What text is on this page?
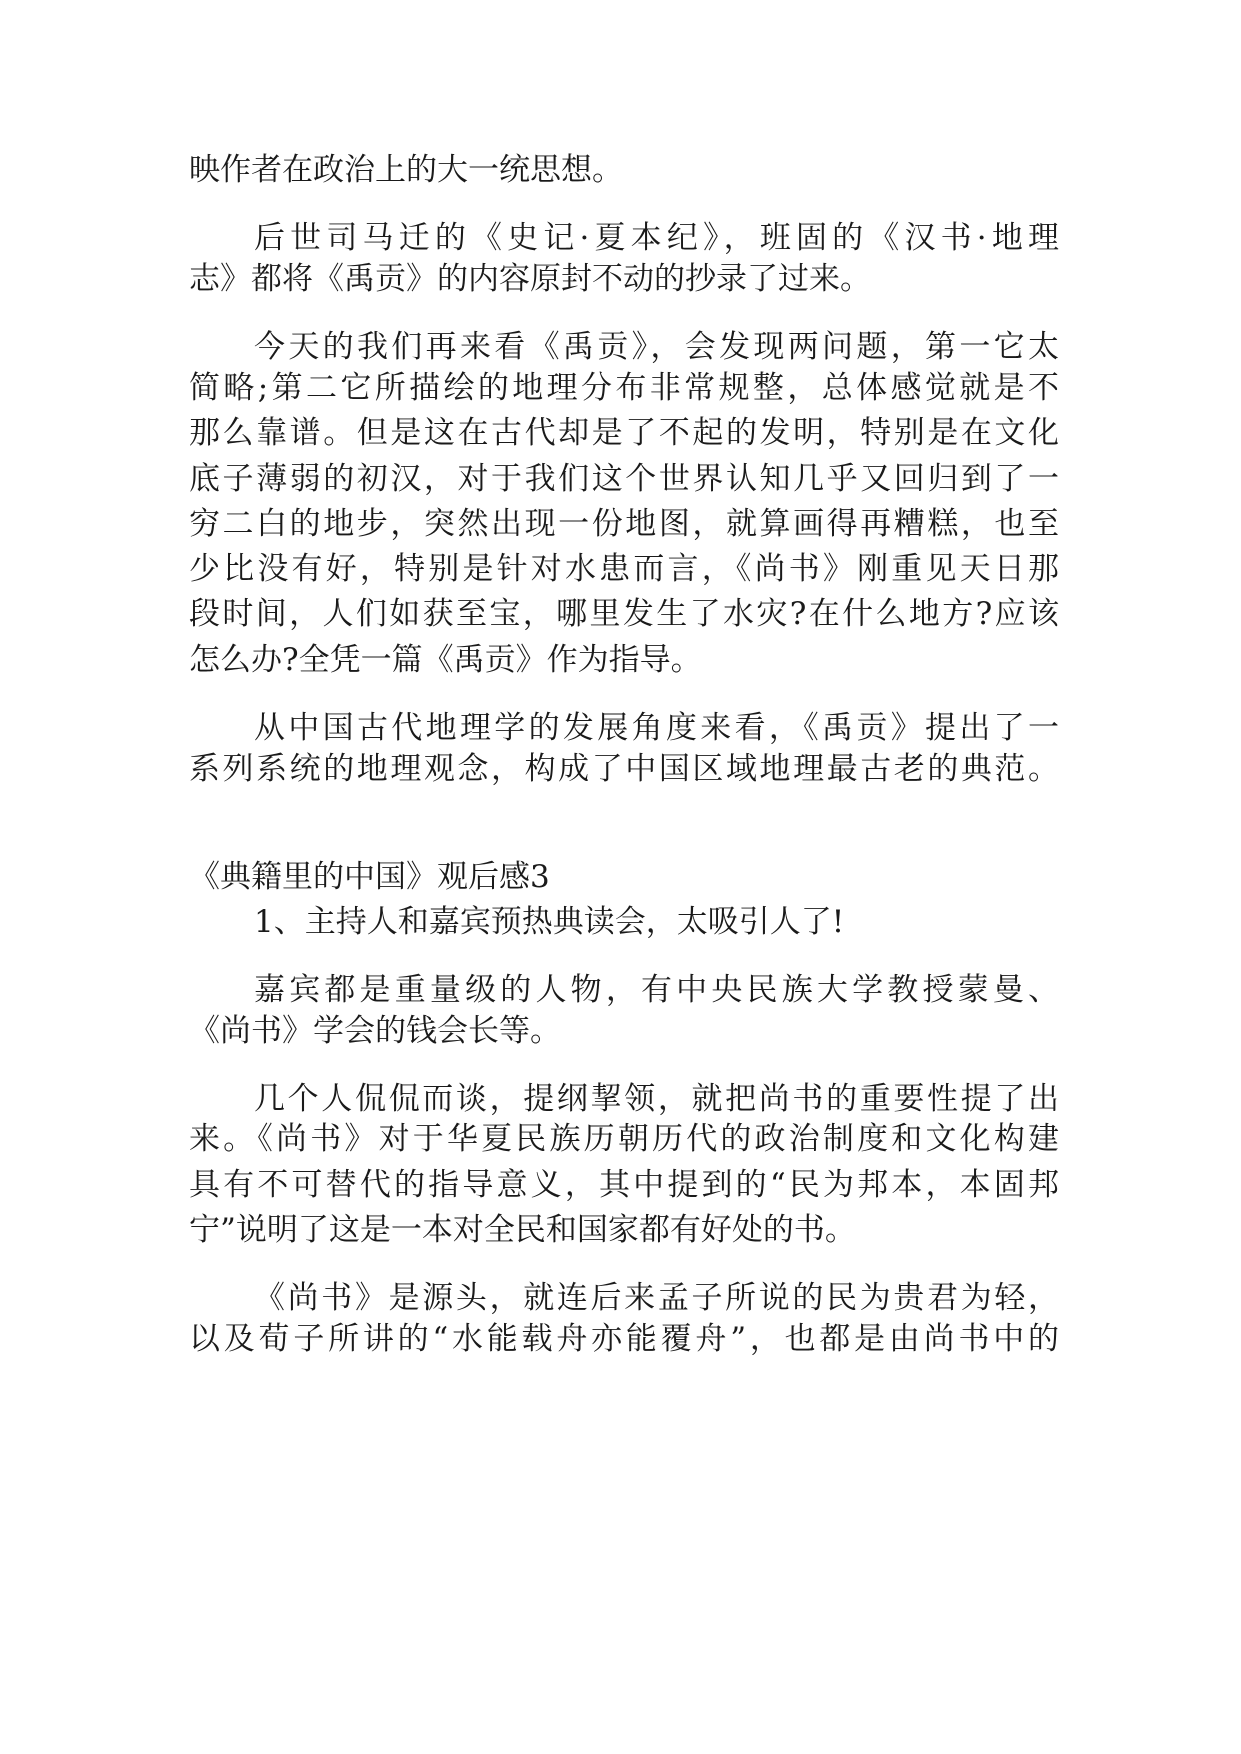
映作者在政治上的大一统思想。
后世司马迁的《史记·夏本纪》，班固的《汉书·地理
志》都将《禹贡》的内容原封不动的抄录了过来。
今天的我们再来看《禹贡》，会发现两问题，第一它太
简略;第二它所描绘的地理分布非常规整，总体感觉就是不
那么靠谱。但是这在古代却是了不起的发明，特别是在文化
底子薄弱的初汉，对于我们这个世界认知几乎又回归到了一
穷二白的地步，突然出现一份地图，就算画得再糟糕，也至
少比没有好，特别是针对水患而言，《尚书》刚重见天日那
段时间，人们如获至宝，哪里发生了水灾?在什么地方?应该
怎么办?全凭一篇《禹贡》作为指导。
从中国古代地理学的发展角度来看，《禹贡》提出了一
系列系统的地理观念，构成了中国区域地理最古老的典范。
《典籍里的中国》观后感3
1、主持人和嘉宾预热典读会，太吸引人了!
嘉宾都是重量级的人物，有中央民族大学教授蒙曼、
《尚书》学会的钱会长等。
几个人侃侃而谈，提纲挈领，就把尚书的重要性提了出
来。《尚书》对于华夏民族历朝历代的政治制度和文化构建
具有不可替代的指导意义，其中提到的“民为邦本，本固邦
宁”说明了这是一本对全民和国家都有好处的书。
《尚书》是源头，就连后来孟子所说的民为贵君为轻，
以及荀子所讲的“水能载舟亦能覆舟”，也都是由尚书中的
